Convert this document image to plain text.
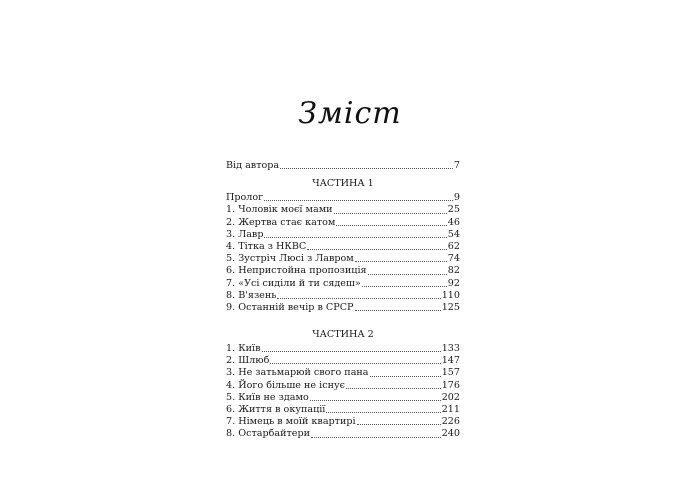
Зміст
Від автора	7
ЧАСТИНА 1
Пролог	9
1. Чоловік моєї мами	25
2. Жертва стає катом	46
3. Лавр	54
4. Тітка з НКВС	62
5. Зустріч Люсі з Лавром	74
6. Непристойна пропозиція	82
7. «Усі сиділи й ти сядеш»	92
8. В'язень	110
9. Останній вечір в СРСР	125
ЧАСТИНА 2
1. Київ	133
2. Шлюб	147
3. Не затьмарюй свого пана	157
4. Його більше не існує	176
5. Київ не здамо	202
6. Життя в окупації	211
7. Німець в моїй квартирі	226
8. Остарбайтери	240
